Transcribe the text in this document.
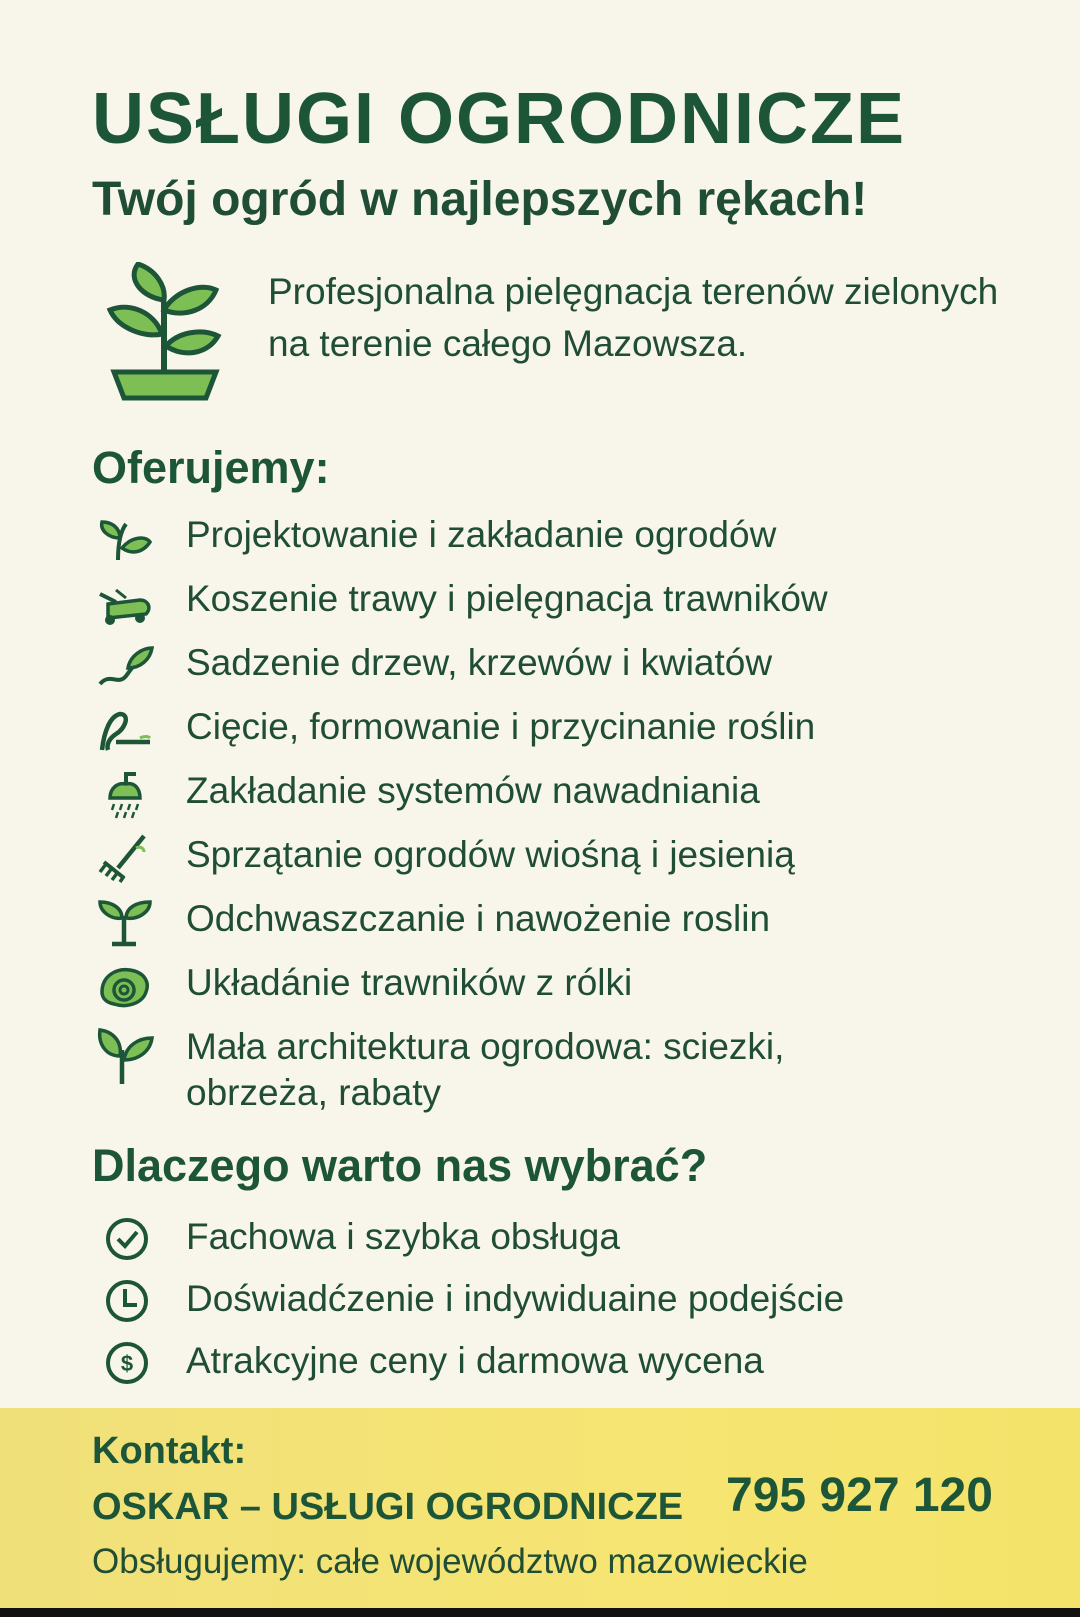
USŁUGI OGRODNICZE
Twój ogród w najlepszych rękach!
Profesjonalna pielęgnacja terenów zielonych na terenie całego Mazowsza.
Oferujemy:
Projektowanie i zakładanie ogrodów
Koszenie trawy i pielęgnacja trawników
Sadzenie drzew, krzewów i kwiatów
Cięcie, formowanie i przycinanie roślin
Zakładanie systemów nawadniania
Sprzątanie ogrodów wiośną i jesienią
Odchwaszczanie i nawożenie roslin
Układánie trawników z rólki
Mała architektura ogrodowa: sciezki, obrzeża, rabaty
Dlaczego warto nas wybrać?
Fachowa i szybka obsługa
Doświadćzenie i indywiduaine podejście
$ Atrakcyjne ceny i darmowa wycena
Kontakt:
OSKAR – USŁUGI OGRODNICZE 795 927 120
Obsługujemy: całe województwo mazowieckie
